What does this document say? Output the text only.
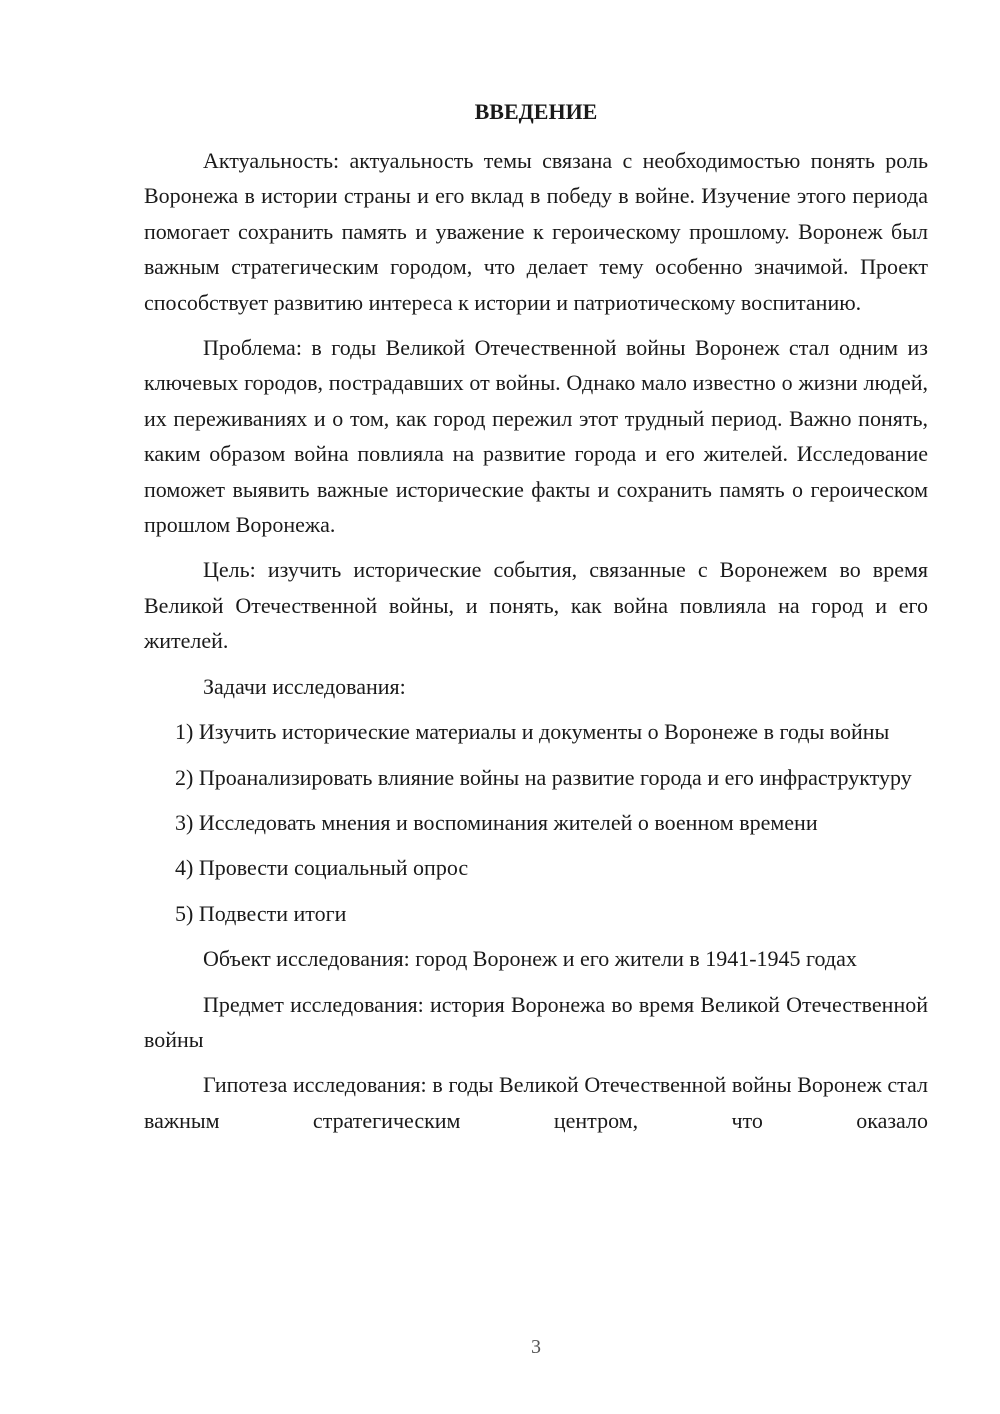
ВВЕДЕНИЕ

Актуальность: актуальность темы связана с необходимостью понять роль Воронежа в истории страны и его вклад в победу в войне. Изучение этого периода помогает сохранить память и уважение к героическому прошлому. Воронеж был важным стратегическим городом, что делает тему особенно значимой. Проект способствует развитию интереса к истории и патриотическому воспитанию.

Проблема: в годы Великой Отечественной войны Воронеж стал одним из ключевых городов, пострадавших от войны. Однако мало известно о жизни людей, их переживаниях и о том, как город пережил этот трудный период. Важно понять, каким образом война повлияла на развитие города и его жителей. Исследование поможет выявить важные исторические факты и сохранить память о героическом прошлом Воронежа.

Цель: изучить исторические события, связанные с Воронежем во время Великой Отечественной войны, и понять, как война повлияла на город и его жителей.

Задачи исследования:

1) Изучить исторические материалы и документы о Воронеже в годы войны

2) Проанализировать влияние войны на развитие города и его инфраструктуру

3) Исследовать мнения и воспоминания жителей о военном времени

4) Провести социальный опрос

5) Подвести итоги

Объект исследования: город Воронеж и его жители в 1941-1945 годах

Предмет исследования: история Воронежа во время Великой Отечественной войны

Гипотеза исследования: в годы Великой Отечественной войны Воронеж стал важным стратегическим центром, что оказало

3
